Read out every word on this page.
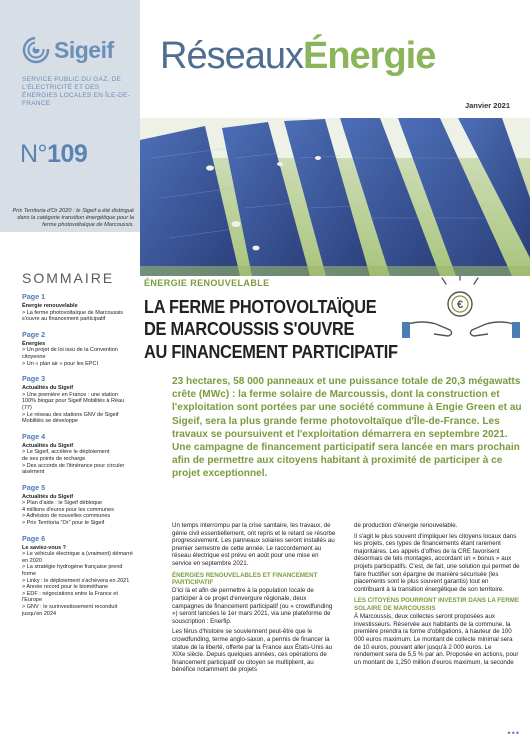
Sigeif
SERVICE PUBLIC DU GAZ, DE L'ÉLECTRICITÉ ET DES ÉNERGIES LOCALES EN ÎLE-DE-FRANCE
N°109
Prix Territoria d'Or 2020 : le Sigeif a été distingué dans la catégorie transition énergétique pour la ferme photovoltaïque de Marcoussis.
SOMMAIRE
Page 1
Énergie renouvelable
> La ferme photovoltaïque de Marcoussis
s'ouvre au financement participatif
Page 2
Énergies
> Un projet de loi issu de la Convention
citoyenne
> Un « plan air » pour les EPCI
Page 3
Actualités du Sigeif
> Une première en France : une station
100% biogaz pour Sigeif Mobilités à Réau (77)
> Le réseau des stations GNV de Sigeif
Mobilités se développe
Page 4
Actualités du Sigeif
> Le Sigeif, accélère le déploiement
de ses points de recharge
> Des accords de l'itinérance pour circuler
aisément
Page 5
Actualités du Sigeif
> Plan d'aide : le Sigeif débloque
4 millions d'euros pour les communes
> Adhésion de nouvelles communes
> Prix Territoria "Or" pour le Sigeif
Page 6
Le saviez-vous ?
> Le véhicule électrique a (vraiment) démarré
en 2020
> La stratégie hydrogène française prend
forme
> Linky : le déploiement s'achèvera en 2021
> Année record pour le biométhane
> EDF : négociations entre la France et
l'Europe
> GNV : le surinvestissement reconduit
jusqu'en 2024
RéseauxÉnergie
Janvier 2021
ÉNERGIE RENOUVELABLE
€
LA FERME PHOTOVOLTAÏQUE
DE MARCOUSSIS S'OUVRE
AU FINANCEMENT PARTICIPATIF
23 hectares, 58 000 panneaux et une puissance totale de 20,3 mégawatts crête (MWc) : la ferme solaire de Marcoussis, dont la construction et l'exploitation sont portées par une société commune à Engie Green et au Sigeif, sera la plus grande ferme photovoltaïque d'Île-de-France. Les travaux se poursuivent et l'exploitation démarrera en septembre 2021. Une campagne de financement participatif sera lancée en mars prochain afin de permettre aux citoyens habitant à proximité de participer à ce projet exceptionnel.

Un temps interrompu par la crise sanitaire, les travaux, de génie civil essentiellement, ont repris et le retard se résorbe progressivement. Les panneaux solaires seront installés au premier semestre de cette année. Le raccordement au réseau électrique est prévu en août pour une mise en service en septembre 2021.

ÉNERGIES RENOUVELABLES ET FINANCEMENT PARTICIPATIF

D'ici là et afin de permettre à la population locale de participer à ce projet d'envergure régionale, deux campagnes de financement participatif (ou « crowdfunding ») seront lancées le 1er mars 2021, via une plateforme de souscription : Enerfip.

Les férus d'histoire se souviennent peut-être que le crowdfunding, terme anglo-saxon, a permis de financer la statue de la liberté, offerte par la France aux États-Unis au XIXe siècle. Depuis quelques années, ces opérations de financement participatif ou citoyen se multiplient, au bénéfice notamment de projets

de production d'énergie renouvelable.

Il s'agit le plus souvent d'impliquer les citoyens locaux dans les projets, ces types de financements étant rarement majoritaires. Les appels d'offres de la CRE favorisent désormais de tels montages, accordant un « bonus » aux projets participatifs. C'est, de fait, une solution qui permet de faire fructifier son épargne de manière sécurisée (les placements sont le plus souvent garantis) tout en contribuant à la transition énergétique de son territoire.

LES CITOYENS POURRONT INVESTIR DANS LA FERME SOLAIRE DE MARCOUSSIS

À Marcoussis, deux collectes seront proposées aux investisseurs. Réservée aux habitants de la commune, la première prendra la forme d'obligations, à hauteur de 100 000 euros maximum. Le montant de collecte minimal sera de 10 euros, pouvant aller jusqu'à 2 000 euros. Le rendement sera de 5,5 % par an. Proposée en actions, pour un montant de 1,250 million d'euros maximum, la seconde

•••
